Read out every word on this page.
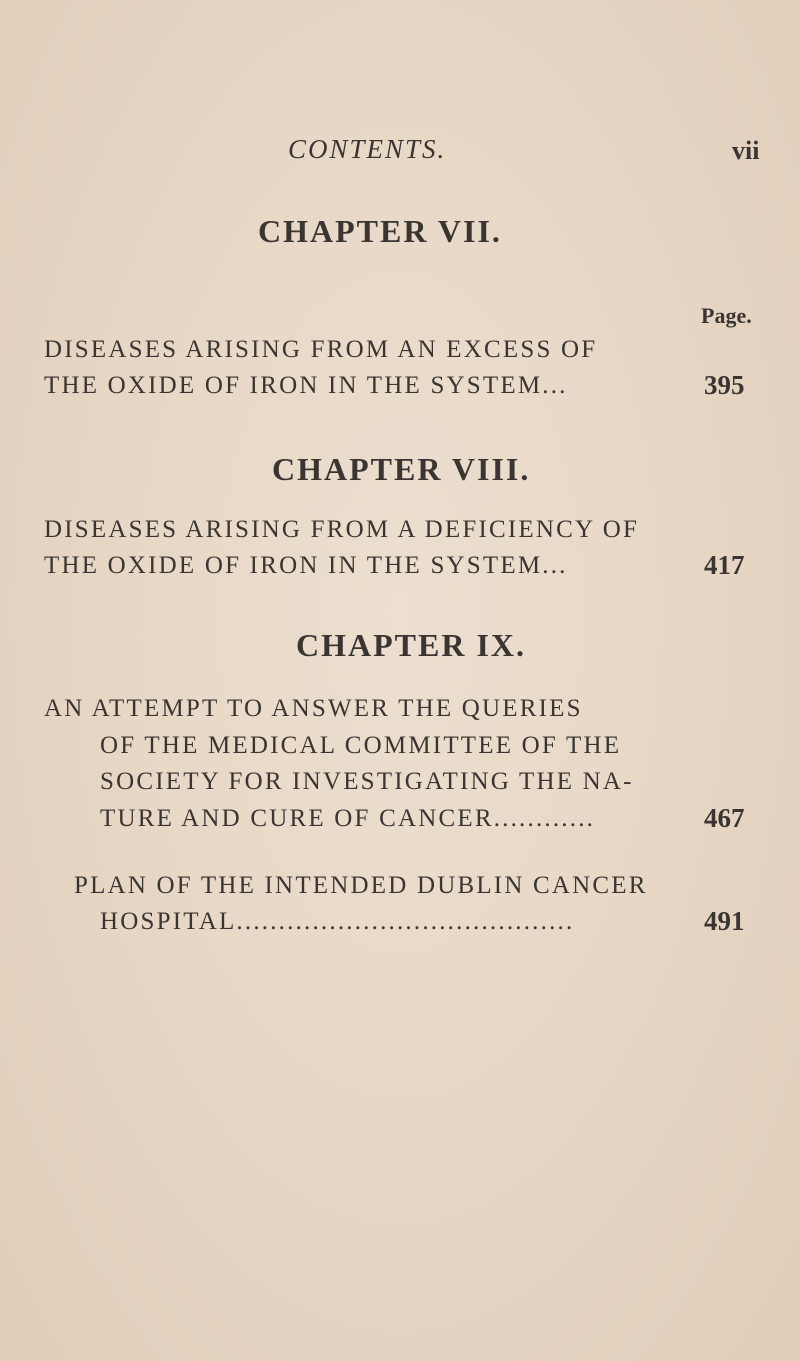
CONTENTS.	vii
CHAPTER VII.
Page.
DISEASES ARISING FROM AN EXCESS OF
THE OXIDE OF IRON IN THE SYSTEM...	395
CHAPTER VIII.
DISEASES ARISING FROM A DEFICIENCY OF
THE OXIDE OF IRON IN THE SYSTEM...	417
CHAPTER IX.
AN ATTEMPT TO ANSWER THE QUERIES
OF THE MEDICAL COMMITTEE OF THE
SOCIETY FOR INVESTIGATING THE NA-
TURE AND CURE OF CANCER............	467
PLAN OF THE INTENDED DUBLIN CANCER
HOSPITAL........................................	491
